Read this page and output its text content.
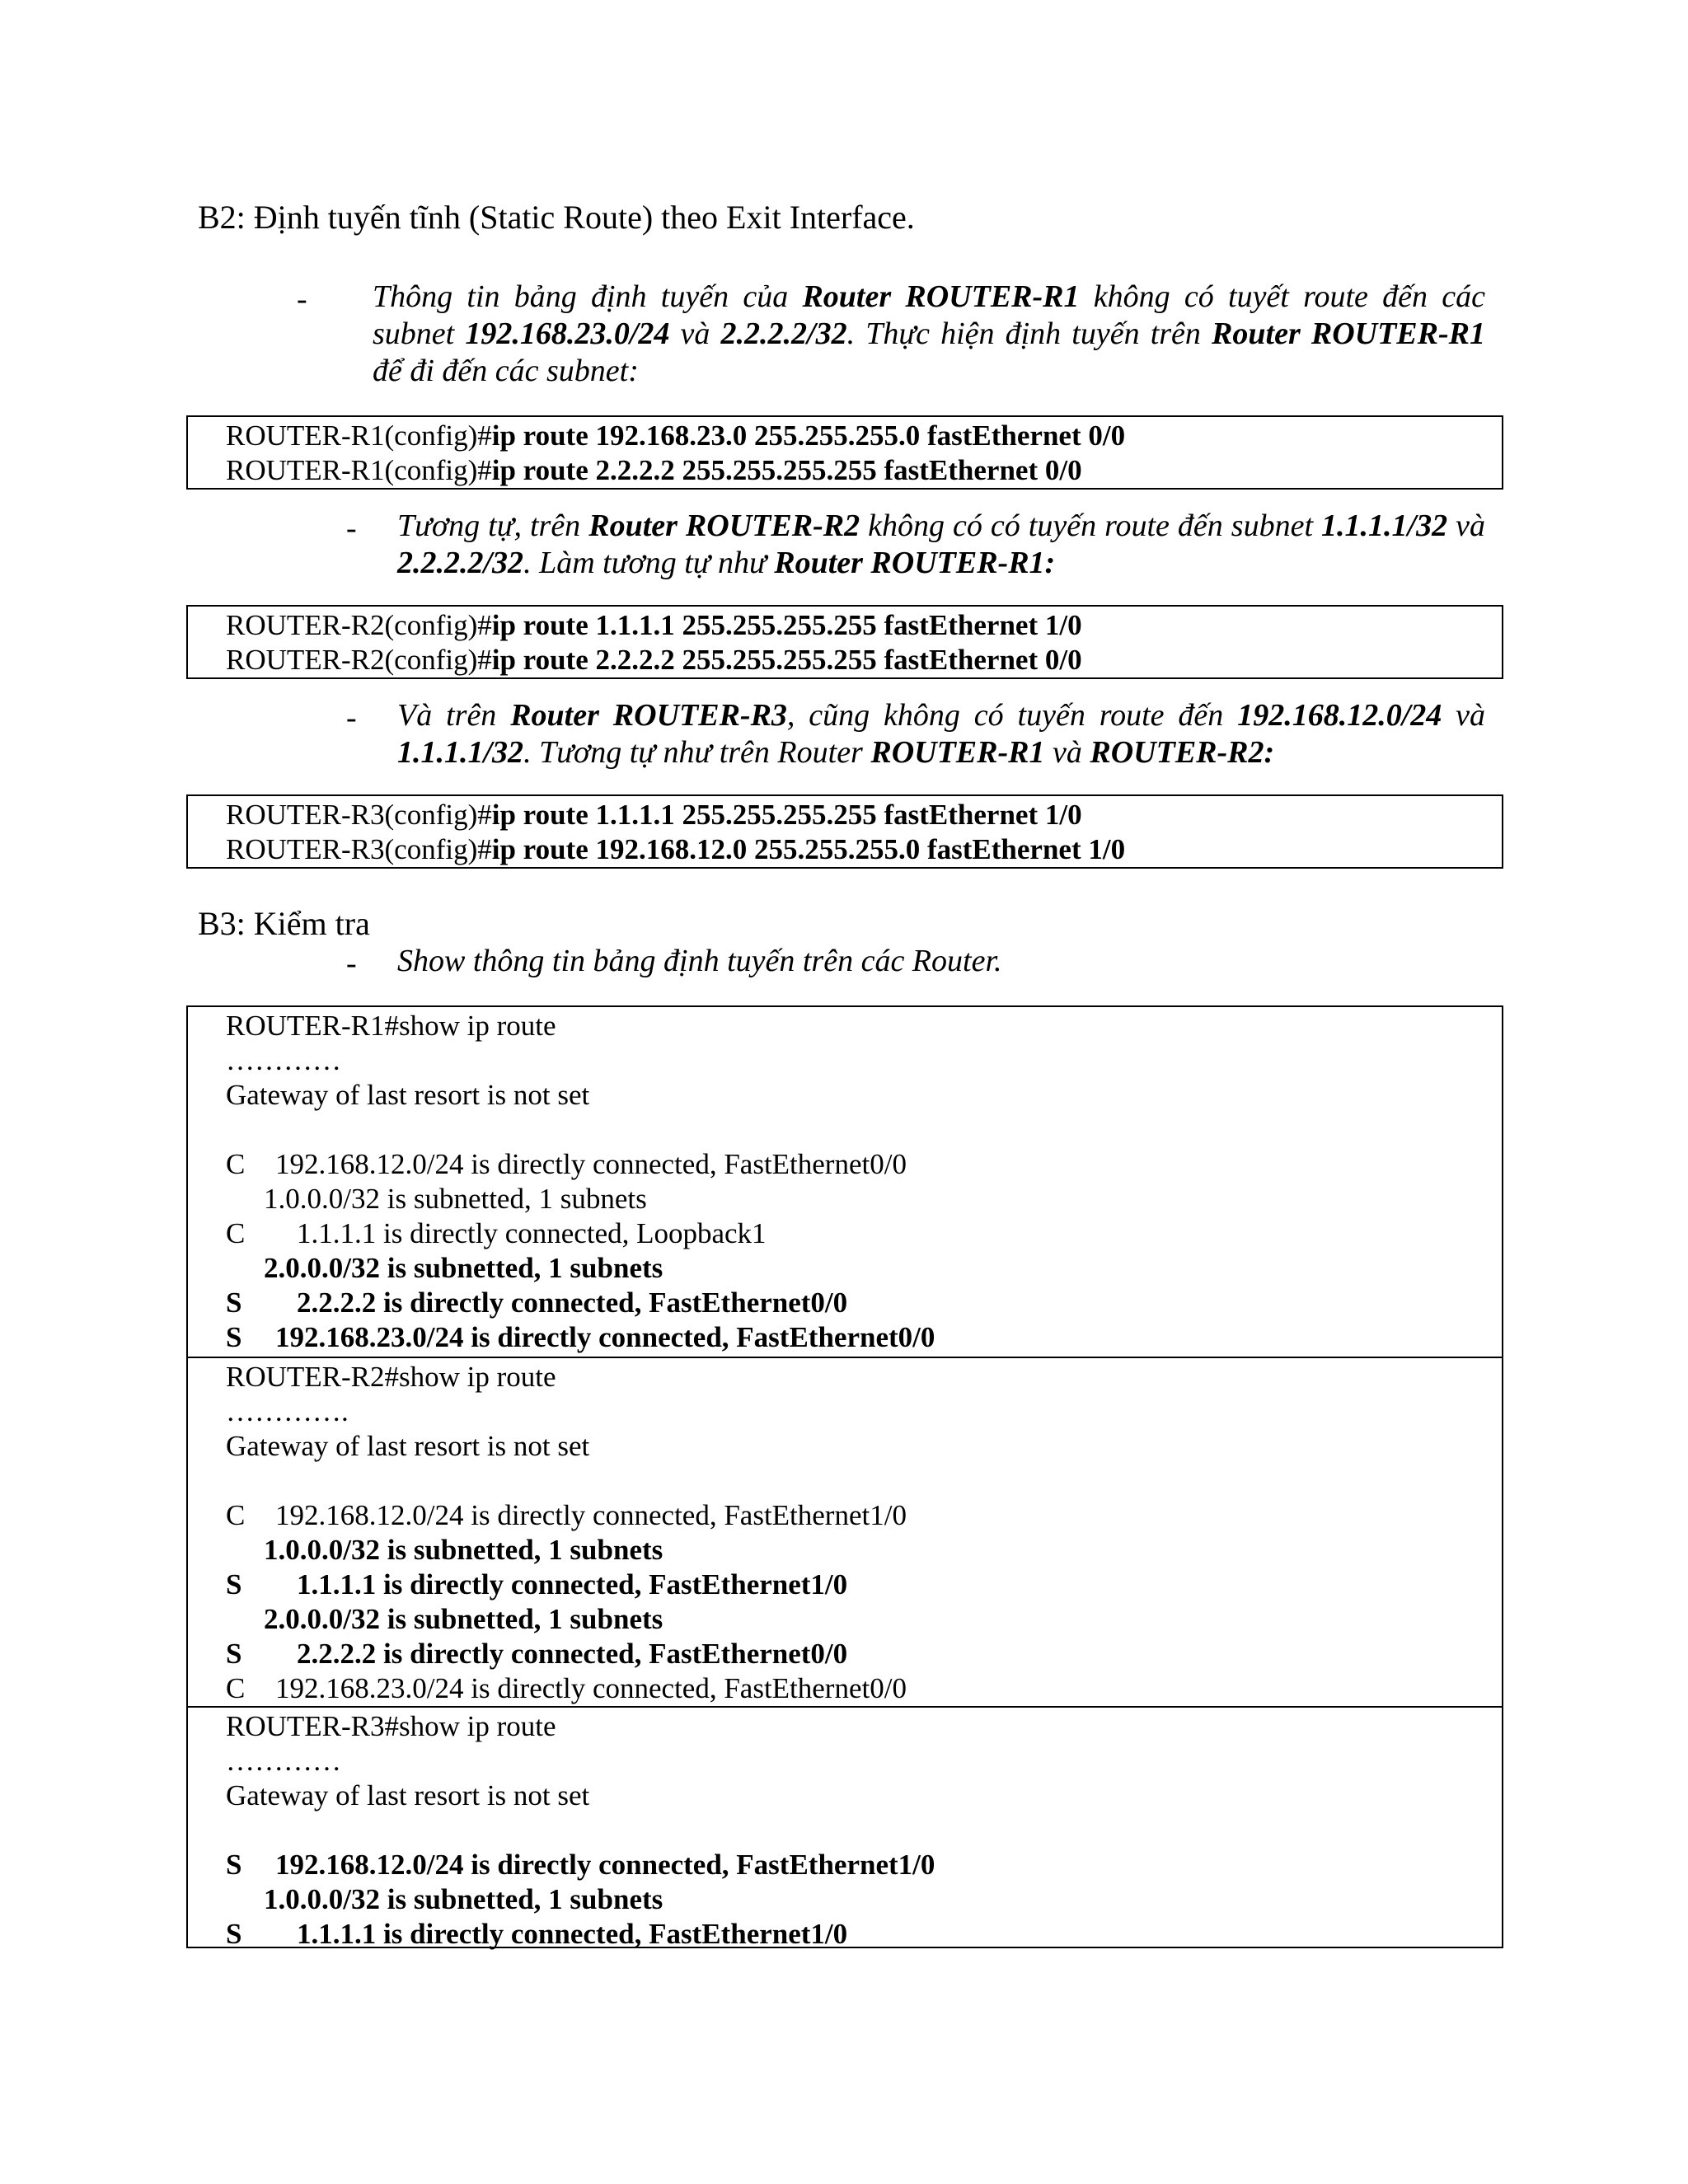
B2: Định tuyến tĩnh (Static Route) theo Exit Interface.
- Thông tin bảng định tuyến của Router ROUTER-R1 không có tuyết route đến các subnet 192.168.23.0/24 và 2.2.2.2/32. Thực hiện định tuyến trên Router ROUTER-R1 để đi đến các subnet:
ROUTER-R1(config)#ip route 192.168.23.0 255.255.255.0 fastEthernet 0/0
ROUTER-R1(config)#ip route 2.2.2.2 255.255.255.255 fastEthernet 0/0
- Tương tự, trên Router ROUTER-R2 không có có tuyến route đến subnet 1.1.1.1/32 và 2.2.2.2/32. Làm tương tự như Router ROUTER-R1:
ROUTER-R2(config)#ip route 1.1.1.1 255.255.255.255 fastEthernet 1/0
ROUTER-R2(config)#ip route 2.2.2.2 255.255.255.255 fastEthernet 0/0
- Và trên Router ROUTER-R3, cũng không có tuyến route đến 192.168.12.0/24 và 1.1.1.1/32. Tương tự như trên Router ROUTER-R1 và ROUTER-R2:
ROUTER-R3(config)#ip route 1.1.1.1 255.255.255.255 fastEthernet 1/0
ROUTER-R3(config)#ip route 192.168.12.0 255.255.255.0 fastEthernet 1/0
B3: Kiểm tra
- Show thông tin bảng định tuyến trên các Router.
ROUTER-R1#show ip route
…………
Gateway of last resort is not set
C 192.168.12.0/24 is directly connected, FastEthernet0/0
1.0.0.0/32 is subnetted, 1 subnets
C 1.1.1.1 is directly connected, Loopback1
2.0.0.0/32 is subnetted, 1 subnets
S 2.2.2.2 is directly connected, FastEthernet0/0
S 192.168.23.0/24 is directly connected, FastEthernet0/0
ROUTER-R2#show ip route
………….
Gateway of last resort is not set
C 192.168.12.0/24 is directly connected, FastEthernet1/0
1.0.0.0/32 is subnetted, 1 subnets
S 1.1.1.1 is directly connected, FastEthernet1/0
2.0.0.0/32 is subnetted, 1 subnets
S 2.2.2.2 is directly connected, FastEthernet0/0
C 192.168.23.0/24 is directly connected, FastEthernet0/0
ROUTER-R3#show ip route
…………
Gateway of last resort is not set
S 192.168.12.0/24 is directly connected, FastEthernet1/0
1.0.0.0/32 is subnetted, 1 subnets
S 1.1.1.1 is directly connected, FastEthernet1/0
